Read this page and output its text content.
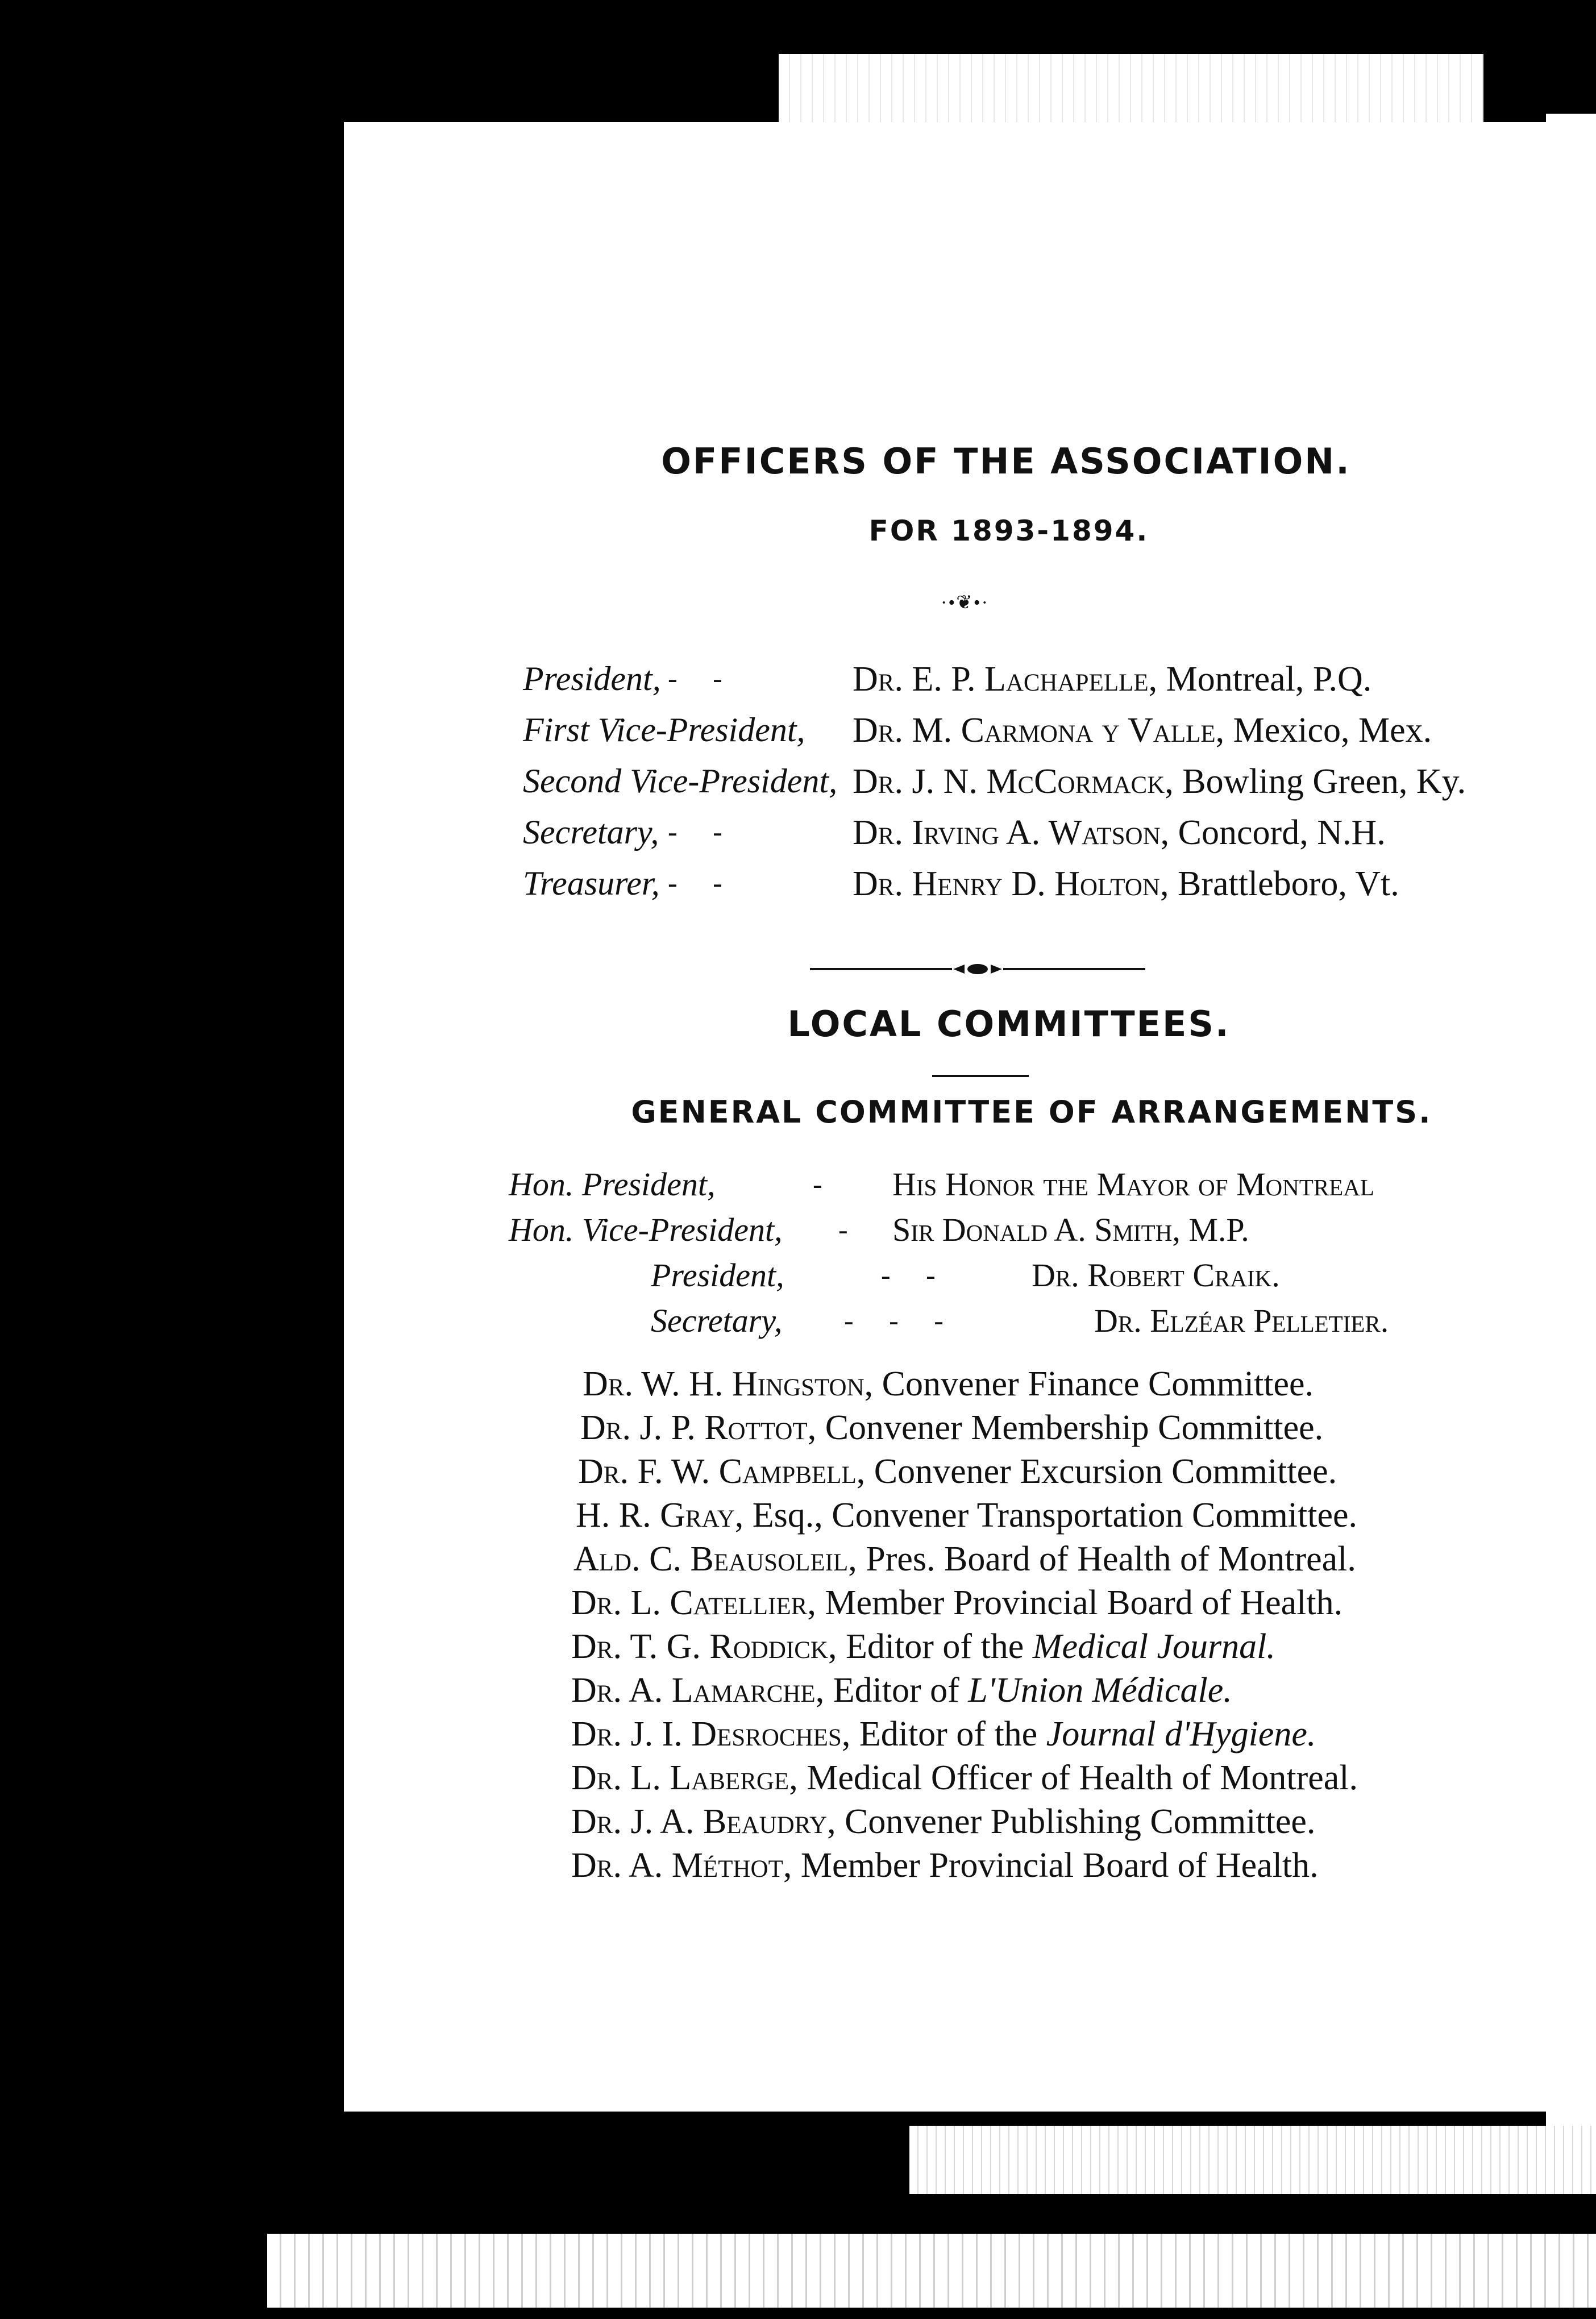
OFFICERS OF THE ASSOCIATION.
FOR 1893-1894.
·•❦•·
President, -     -	Dr. E. P. Lachapelle, Montreal, P.Q.
First Vice-President, Dr. M. Carmona y Valle, Mexico, Mex.
Second Vice-President, Dr. J. N. McCormack, Bowling Green, Ky.
Secretary, -     -	Dr. Irving A. Watson, Concord, N.H.
Treasurer, -     -	Dr. Henry D. Holton, Brattleboro, Vt.
LOCAL COMMITTEES.
GENERAL COMMITTEE OF ARRANGEMENTS.
Hon. President,	- His Honor the Mayor of Montreal
Hon. Vice-President, - Sir Donald A. Smith, M.P.
President,	-     -	Dr. Robert Craik.
Secretary, -     -     -	Dr. Elzéar Pelletier.
Dr. W. H. Hingston, Convener Finance Committee.
Dr. J. P. Rottot, Convener Membership Committee.
Dr. F. W. Campbell, Convener Excursion Committee.
H. R. Gray, Esq., Convener Transportation Committee.
Ald. C. Beausoleil, Pres. Board of Health of Montreal.
Dr. L. Catellier, Member Provincial Board of Health.
Dr. T. G. Roddick, Editor of the Medical Journal.
Dr. A. Lamarche, Editor of L'Union Médicale.
Dr. J. I. Desroches, Editor of the Journal d'Hygiene.
Dr. L. Laberge, Medical Officer of Health of Montreal.
Dr. J. A. Beaudry, Convener Publishing Committee.
Dr. A. Méthot, Member Provincial Board of Health.
